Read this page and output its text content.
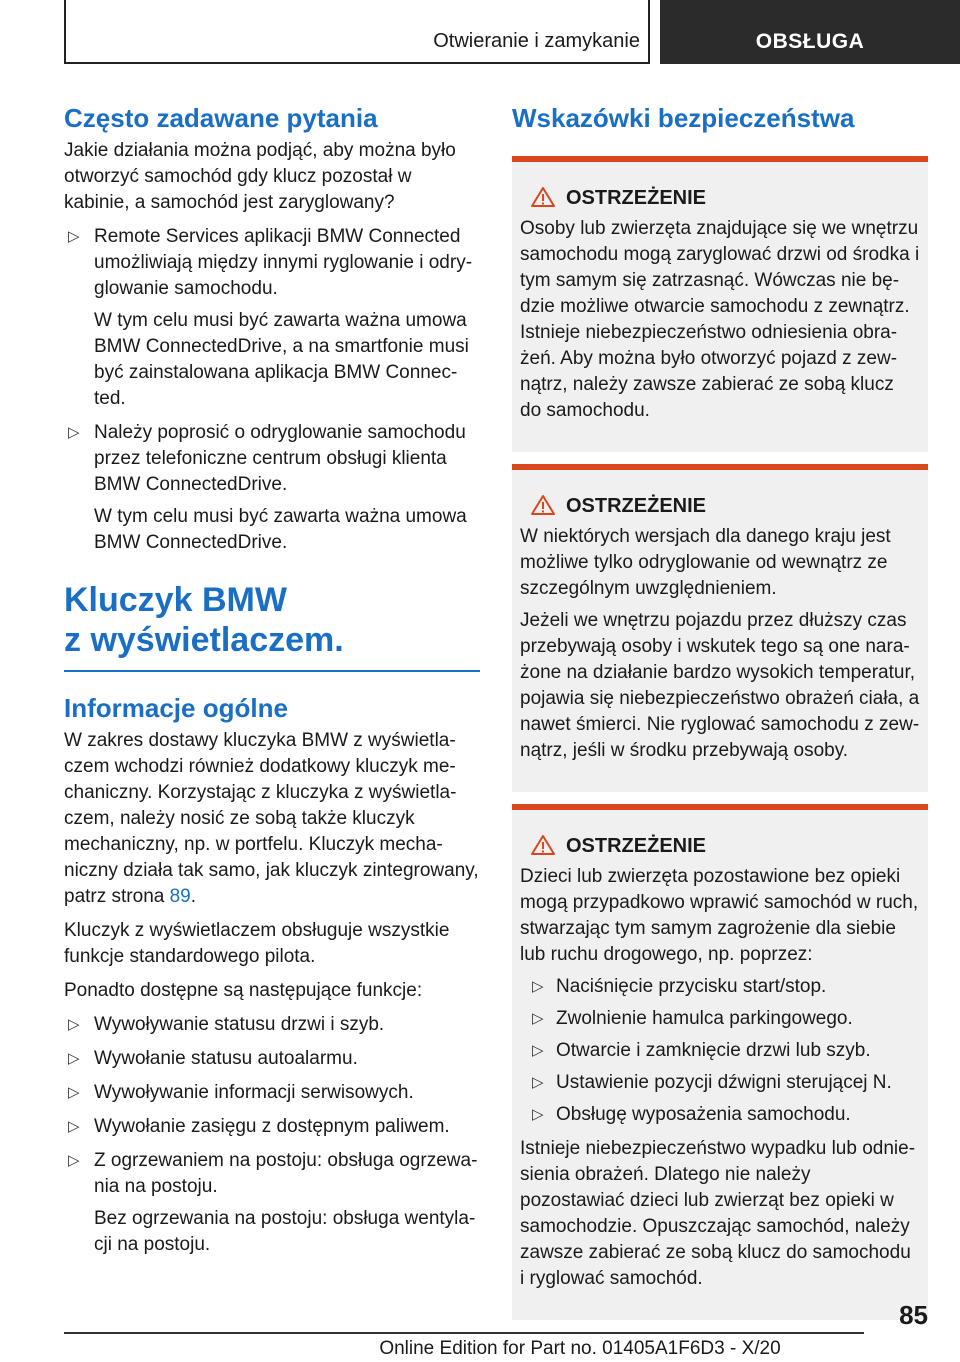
Otwieranie i zamykanie	OBSŁUGA
Często zadawane pytania
Jakie działania można podjąć, aby można było otworzyć samochód gdy klucz pozostał w kabinie, a samochód jest zaryglowany?
▷ Remote Services aplikacji BMW Connected umożliwiają między innymi ryglowanie i odryglowanie samochodu.
W tym celu musi być zawarta ważna umowa BMW ConnectedDrive, a na smartfonie musi być zainstalowana aplikacja BMW Connected.
▷ Należy poprosić o odryglowanie samochodu przez telefoniczne centrum obsługi klienta BMW ConnectedDrive.
W tym celu musi być zawarta ważna umowa BMW ConnectedDrive.
Kluczyk BMW
z wyświetlaczem.
Informacje ogólne
W zakres dostawy kluczyka BMW z wyświetlaczem wchodzi również dodatkowy kluczyk mechaniczny. Korzystając z kluczyka z wyświetlaczem, należy nosić ze sobą także kluczyk mechaniczny, np. w portfelu. Kluczyk mechaniczny działa tak samo, jak kluczyk zintegrowany, patrz strona 89.
Kluczyk z wyświetlaczem obsługuje wszystkie funkcje standardowego pilota.
Ponadto dostępne są następujące funkcje:
▷ Wywoływanie statusu drzwi i szyb.
▷ Wywołanie statusu autoalarmu.
▷ Wywoływanie informacji serwisowych.
▷ Wywołanie zasięgu z dostępnym paliwem.
▷ Z ogrzewaniem na postoju: obsługa ogrzewania na postoju.
Bez ogrzewania na postoju: obsługa wentylacji na postoju.
Wskazówki bezpieczeństwa
OSTRZEŻENIE
Osoby lub zwierzęta znajdujące się we wnętrzu samochodu mogą zaryglować drzwi od środka i tym samym się zatrzasnąć. Wówczas nie będzie możliwe otwarcie samochodu z zewnątrz. Istnieje niebezpieczeństwo odniesienia obrażeń. Aby można było otworzyć pojazd z zewnątrz, należy zawsze zabierać ze sobą klucz do samochodu.
OSTRZEŻENIE
W niektórych wersjach dla danego kraju jest możliwe tylko odryglowanie od wewnątrz ze szczególnym uwzględnieniem.
Jeżeli we wnętrzu pojazdu przez dłuższy czas przebywają osoby i wskutek tego są one narażone na działanie bardzo wysokich temperatur, pojawia się niebezpieczeństwo obrażeń ciała, a nawet śmierci. Nie ryglować samochodu z zewnątrz, jeśli w środku przebywają osoby.
OSTRZEŻENIE
Dzieci lub zwierzęta pozostawione bez opieki mogą przypadkowo wprawić samochód w ruch, stwarzając tym samym zagrożenie dla siebie lub ruchu drogowego, np. poprzez:
▷ Naciśnięcie przycisku start/stop.
▷ Zwolnienie hamulca parkingowego.
▷ Otwarcie i zamknięcie drzwi lub szyb.
▷ Ustawienie pozycji dźwigni sterującej N.
▷ Obsługę wyposażenia samochodu.
Istnieje niebezpieczeństwo wypadku lub odniesienia obrażeń. Dlatego nie należy pozostawiać dzieci lub zwierząt bez opieki w samochodzie. Opuszczając samochód, należy zawsze zabierać ze sobą klucz do samochodu i ryglować samochód.
85
Online Edition for Part no. 01405A1F6D3 - X/20
